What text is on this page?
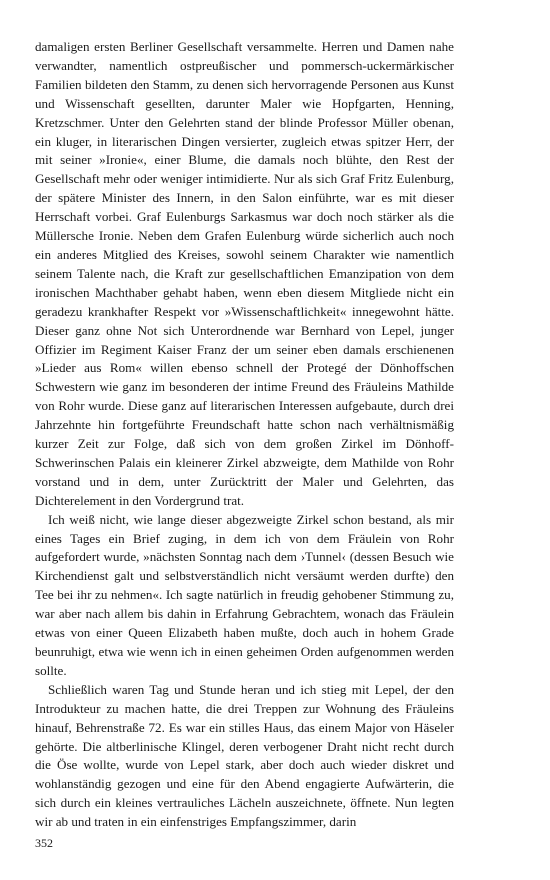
damaligen ersten Berliner Gesellschaft versammelte. Herren und Damen nahe verwandter, namentlich ostpreußischer und pommersch-uckermärkischer Familien bildeten den Stamm, zu denen sich hervorragende Personen aus Kunst und Wissenschaft gesellten, darunter Maler wie Hopfgarten, Henning, Kretzschmer. Unter den Gelehrten stand der blinde Professor Müller obenan, ein kluger, in literarischen Dingen versierter, zugleich etwas spitzer Herr, der mit seiner »Ironie«, einer Blume, die damals noch blühte, den Rest der Gesellschaft mehr oder weniger intimidierte. Nur als sich Graf Fritz Eulenburg, der spätere Minister des Innern, in den Salon einführte, war es mit dieser Herrschaft vorbei. Graf Eulenburgs Sarkasmus war doch noch stärker als die Müllersche Ironie. Neben dem Grafen Eulenburg würde sicherlich auch noch ein anderes Mitglied des Kreises, sowohl seinem Charakter wie namentlich seinem Talente nach, die Kraft zur gesellschaftlichen Emanzipation von dem ironischen Machthaber gehabt haben, wenn eben diesem Mitgliede nicht ein geradezu krankhafter Respekt vor »Wissenschaftlichkeit« innegewohnt hätte. Dieser ganz ohne Not sich Unterordnende war Bernhard von Lepel, junger Offizier im Regiment Kaiser Franz der um seiner eben damals erschienenen »Lieder aus Rom« willen ebenso schnell der Protegé der Dönhoffschen Schwestern wie ganz im besonderen der intime Freund des Fräuleins Mathilde von Rohr wurde. Diese ganz auf literarischen Interessen aufgebaute, durch drei Jahrzehnte hin fortgeführte Freundschaft hatte schon nach verhältnismäßig kurzer Zeit zur Folge, daß sich von dem großen Zirkel im Dönhoff-Schwerinschen Palais ein kleinerer Zirkel abzweigte, dem Mathilde von Rohr vorstand und in dem, unter Zurücktritt der Maler und Gelehrten, das Dichterelement in den Vordergrund trat.

Ich weiß nicht, wie lange dieser abgezweigte Zirkel schon bestand, als mir eines Tages ein Brief zuging, in dem ich von dem Fräulein von Rohr aufgefordert wurde, »nächsten Sonntag nach dem ›Tunnel‹ (dessen Besuch wie Kirchendienst galt und selbstverständlich nicht versäumt werden durfte) den Tee bei ihr zu nehmen«. Ich sagte natürlich in freudig gehobener Stimmung zu, war aber nach allem bis dahin in Erfahrung Gebrachtem, wonach das Fräulein etwas von einer Queen Elizabeth haben mußte, doch auch in hohem Grade beunruhigt, etwa wie wenn ich in einen geheimen Orden aufgenommen werden sollte.

Schließlich waren Tag und Stunde heran und ich stieg mit Lepel, der den Introdukteur zu machen hatte, die drei Treppen zur Wohnung des Fräuleins hinauf, Behrenstraße 72. Es war ein stilles Haus, das einem Major von Häseler gehörte. Die altberlinische Klingel, deren verbogener Draht nicht recht durch die Öse wollte, wurde von Lepel stark, aber doch auch wieder diskret und wohlanständig gezogen und eine für den Abend engagierte Aufwärterin, die sich durch ein kleines vertrauliches Lächeln auszeichnete, öffnete. Nun legten wir ab und traten in ein einfenstriges Empfangszimmer, darin

352
